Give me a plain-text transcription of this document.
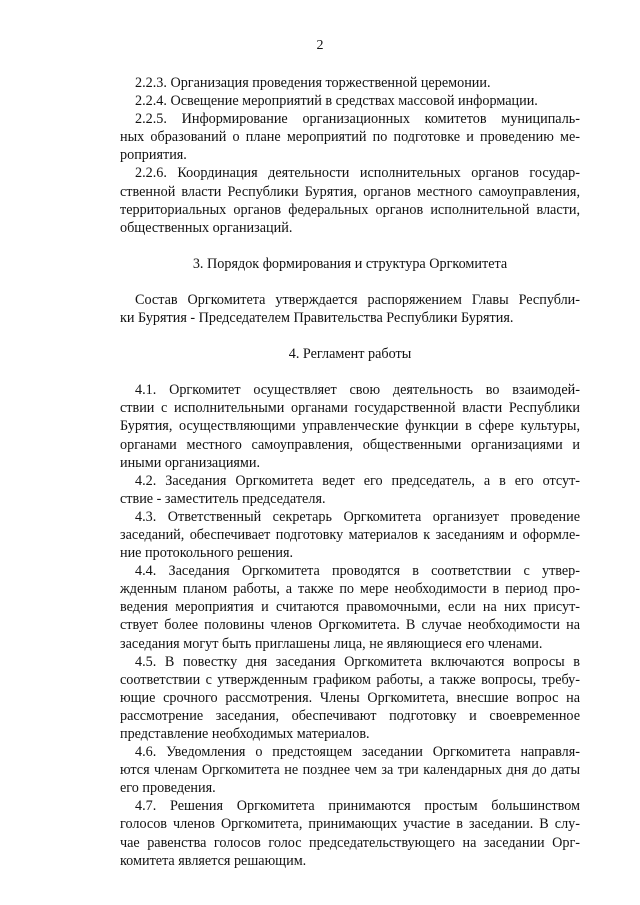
2

2.2.3. Организация проведения торжественной церемонии.

2.2.4. Освещение мероприятий в средствах массовой информации.

2.2.5. Информирование организационных комитетов муниципаль-
ных образований о плане мероприятий по подготовке и проведению ме-
роприятия.

2.2.6. Координация деятельности исполнительных органов государ-
ственной власти Республики Бурятия, органов местного самоуправления,
территориальных органов федеральных органов исполнительной власти,
общественных организаций.

3. Порядок формирования и структура Оргкомитета

Состав Оргкомитета утверждается распоряжением Главы Республи-
ки Бурятия - Председателем Правительства Республики Бурятия.

4. Регламент работы

4.1. Оргкомитет осуществляет свою деятельность во взаимодей-
ствии с исполнительными органами государственной власти Республики
Бурятия, осуществляющими управленческие функции в сфере культуры,
органами местного самоуправления, общественными организациями и
иными организациями.

4.2. Заседания Оргкомитета ведет его председатель, а в его отсут-
ствие - заместитель председателя.

4.3. Ответственный секретарь Оргкомитета организует проведение
заседаний, обеспечивает подготовку материалов к заседаниям и оформле-
ние протокольного решения.

4.4. Заседания Оргкомитета проводятся в соответствии с утвер-
жденным планом работы, а также по мере необходимости в период про-
ведения мероприятия и считаются правомочными, если на них присут-
ствует более половины членов Оргкомитета. В случае необходимости на
заседания могут быть приглашены лица, не являющиеся его членами.

4.5. В повестку дня заседания Оргкомитета включаются вопросы в
соответствии с утвержденным графиком работы, а также вопросы, требу-
ющие срочного рассмотрения. Члены Оргкомитета, внесшие вопрос на
рассмотрение заседания, обеспечивают подготовку и своевременное
представление необходимых материалов.

4.6. Уведомления о предстоящем заседании Оргкомитета направля-
ются членам Оргкомитета не позднее чем за три календарных дня до даты
его проведения.

4.7. Решения Оргкомитета принимаются простым большинством
голосов членов Оргкомитета, принимающих участие в заседании. В слу-
чае равенства голосов голос председательствующего на заседании Орг-
комитета является решающим.
